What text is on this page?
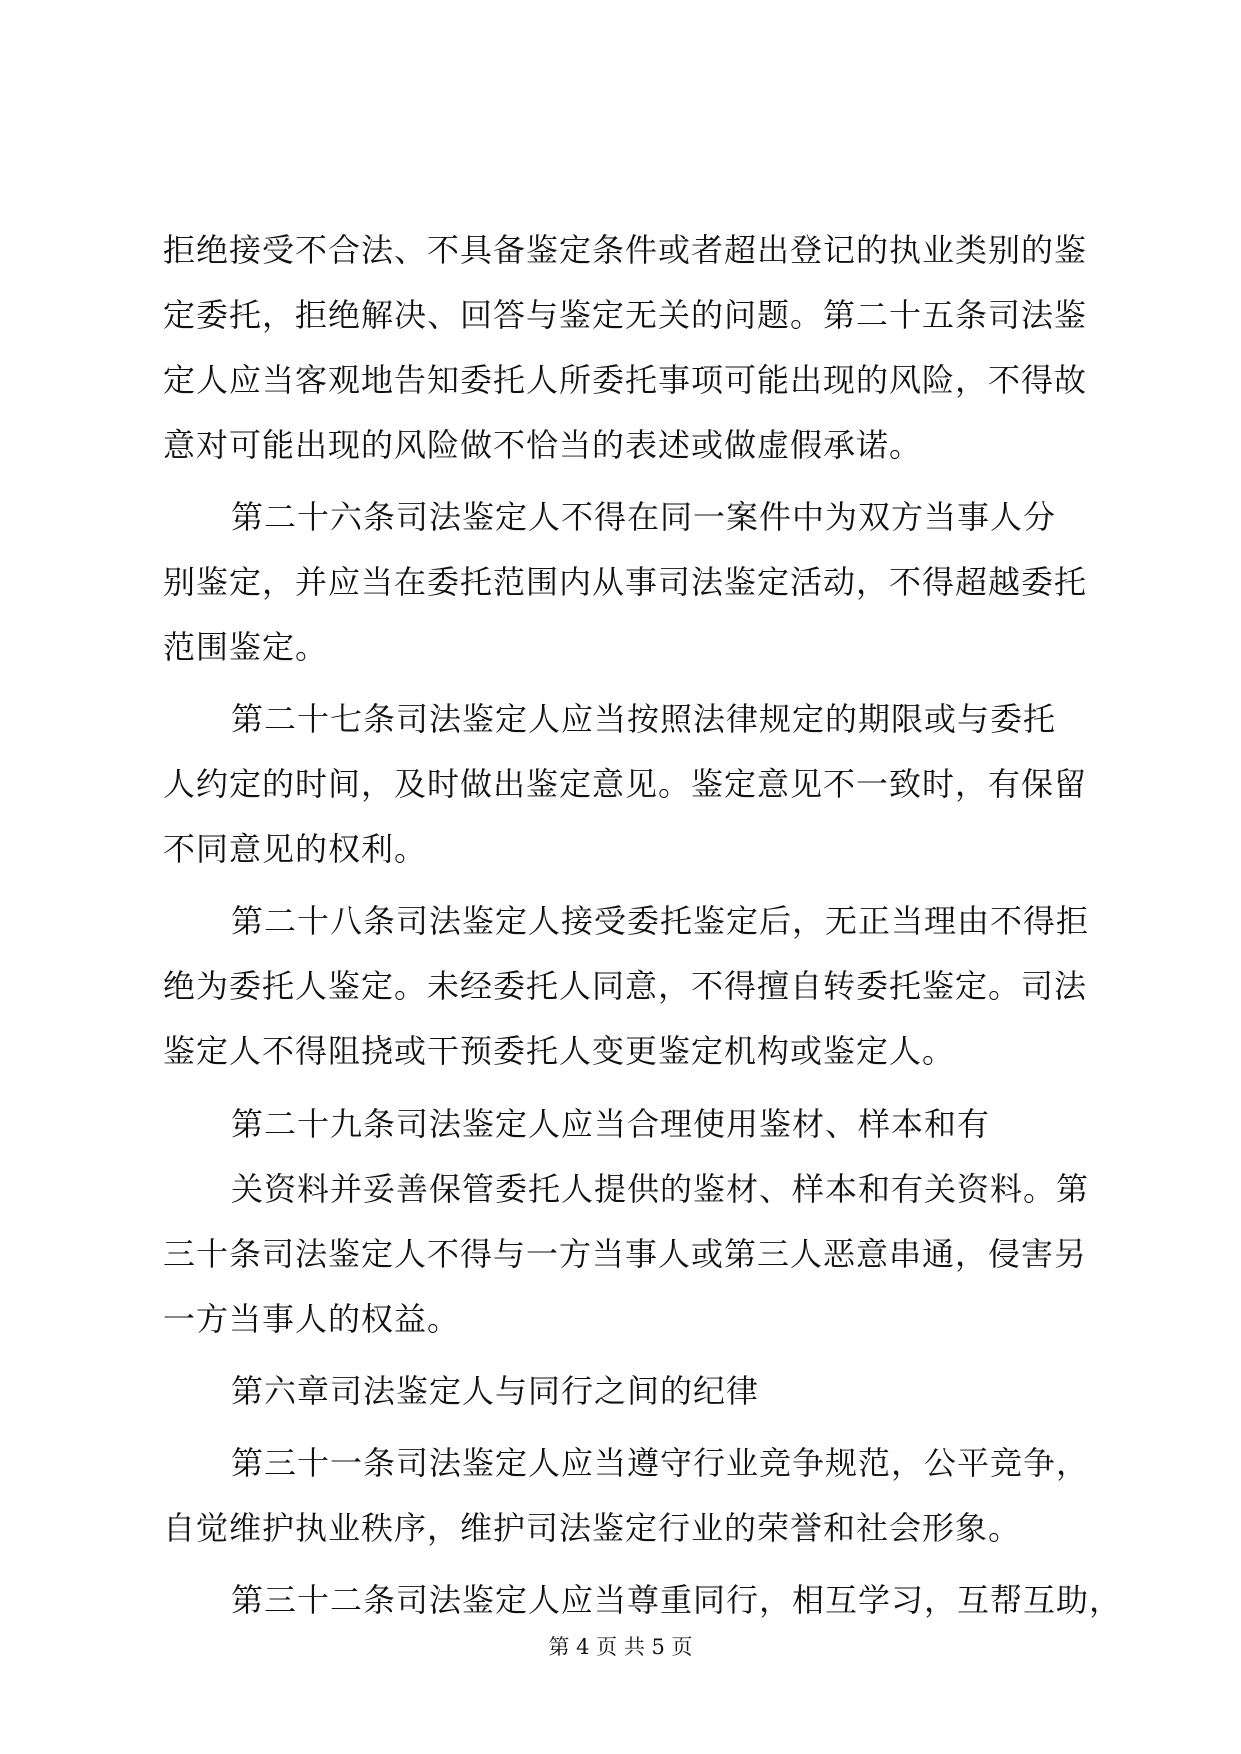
拒绝接受不合法、不具备鉴定条件或者超出登记的执业类别的鉴
定委托，拒绝解决、回答与鉴定无关的问题。第二十五条司法鉴
定人应当客观地告知委托人所委托事项可能出现的风险，不得故
意对可能出现的风险做不恰当的表述或做虚假承诺。
第二十六条司法鉴定人不得在同一案件中为双方当事人分
别鉴定，并应当在委托范围内从事司法鉴定活动，不得超越委托
范围鉴定。
第二十七条司法鉴定人应当按照法律规定的期限或与委托
人约定的时间，及时做出鉴定意见。鉴定意见不一致时，有保留
不同意见的权利。
第二十八条司法鉴定人接受委托鉴定后，无正当理由不得拒
绝为委托人鉴定。未经委托人同意，不得擅自转委托鉴定。司法
鉴定人不得阻挠或干预委托人变更鉴定机构或鉴定人。
第二十九条司法鉴定人应当合理使用鉴材、样本和有
关资料并妥善保管委托人提供的鉴材、样本和有关资料。第
三十条司法鉴定人不得与一方当事人或第三人恶意串通，侵害另
一方当事人的权益。
第六章司法鉴定人与同行之间的纪律
第三十一条司法鉴定人应当遵守行业竞争规范，公平竞争，
自觉维护执业秩序，维护司法鉴定行业的荣誉和社会形象。
第三十二条司法鉴定人应当尊重同行，相互学习，互帮互助，
第 4 页 共 5 页
